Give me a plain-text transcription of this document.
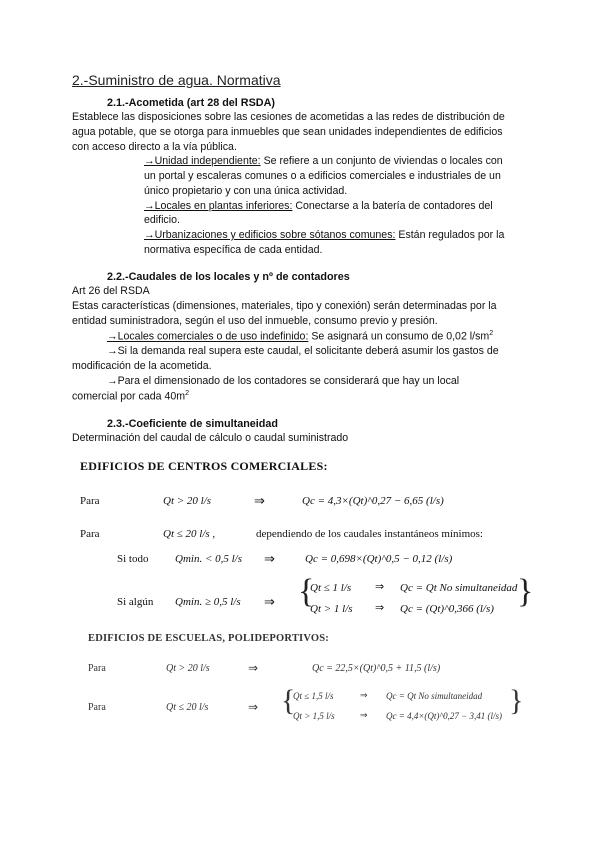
2.-Suministro de agua. Normativa
2.1.-Acometida (art 28 del RSDA)
Establece las disposiciones sobre las cesiones de acometidas a las redes de distribución de
agua potable, que se otorga para inmuebles que sean unidades independientes de edificios
con acceso directo a la vía pública.
→Unidad independiente: Se refiere a un conjunto de viviendas o locales con
un portal y escaleras comunes o a edificios comerciales e industriales de un
único propietario y con una única actividad.
→Locales en plantas inferiores: Conectarse a la batería de contadores del
edificio.
→Urbanizaciones y edificios sobre sótanos comunes: Están regulados por la
normativa específica de cada entidad.
2.2.-Caudales de los locales y nº de contadores
Art 26 del RSDA
Estas características (dimensiones, materiales, tipo y conexión) serán determinadas por la
entidad suministradora, según el uso del inmueble, consumo previo y presión.
→Locales comerciales o de uso indefinido: Se asignará un consumo de 0,02 $l/sm^2$
→Si la demanda real supera este caudal, el solicitante deberá asumir los gastos de
modificación de la acometida.
→Para el dimensionado de los contadores se considerará que hay un local
comercial por cada $40m^2$
2.3.-Coeficiente de simultaneidad
Determinación del caudal de cálculo o caudal suministrado
EDIFICIOS DE CENTROS COMERCIALES:
Para	Qt > 20 l/s	⇒	Qc = 4,3×(Qt)^0,27 − 6,65 (l/s)
Para	Qt ≤ 20 l/s ,	dependiendo de los caudales instantáneos mínimos:
Si todo Qmin. < 0,5 l/s ⇒	Qc = 0,698×(Qt)^0,5 − 0,12 (l/s)
Si algún Qmin. ≥ 0,5 l/s ⇒ {
Qt ≤ 1 l/s ⇒ Qc = Qt No simultaneidad
Qt > 1 l/s ⇒ Qc = (Qt)^0,366 (l/s) }
EDIFICIOS DE ESCUELAS, POLIDEPORTIVOS:
Para	Qt > 20 l/s	⇒	Qc = 22,5×(Qt)^0,5 + 11,5 (l/s)
Para	Qt ≤ 20 l/s	⇒ {
Qt ≤ 1,5 l/s	⇒ Qc = Qt No simultaneidad
Qt > 1,5 l/s	⇒ Qc = 4,4×(Qt)^0,27 − 3,41 (l/s) }
